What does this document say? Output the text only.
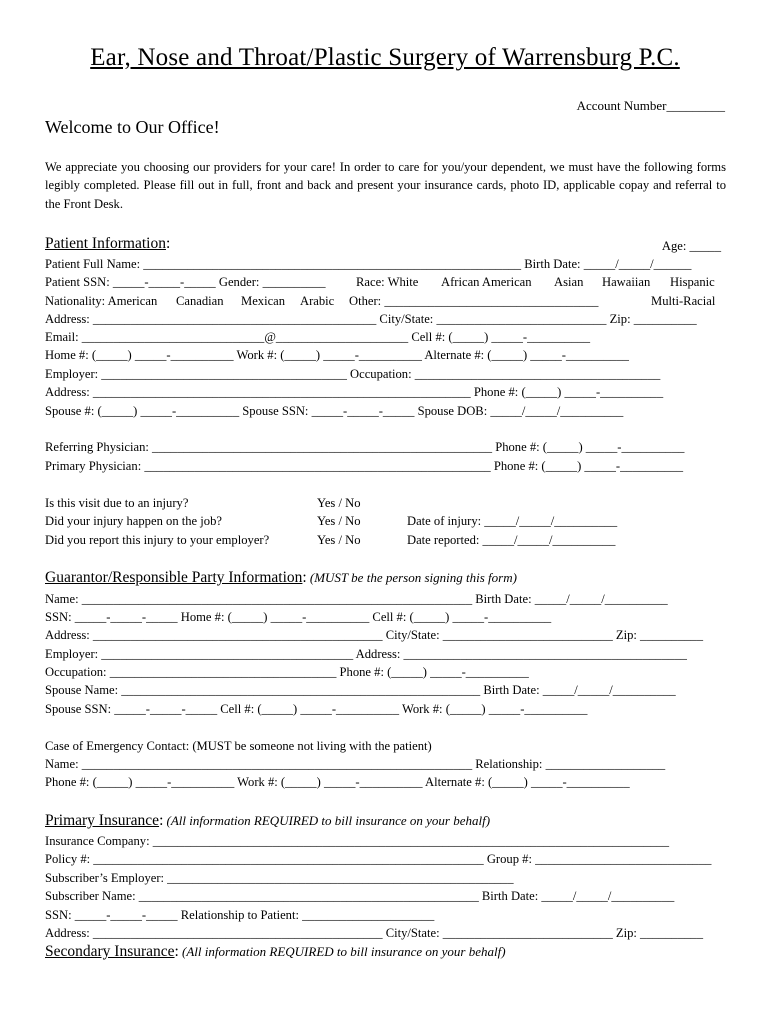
Ear, Nose and Throat/Plastic Surgery of Warrensburg P.C.
Account Number_________
Welcome to Our Office!
We appreciate you choosing our providers for your care! In order to care for you/your dependent, we must have the following forms legibly completed. Please fill out in full, front and back and present your insurance cards, photo ID, applicable copay and referral to the Front Desk.
Patient Information:	Age: _____
Patient Full Name: ____________________________________________________________ Birth Date: _____/_____/______
Patient SSN: _____-_____-_____ Gender: __________ Race: White African American Asian Hawaiian Hispanic
Nationality: American Canadian Mexican Arabic Other: __________________________________	Multi-Racial
Address: _____________________________________________ City/State: ___________________________ Zip: __________
Email: _____________________________@_____________________ Cell #: (_____) _____-__________
Home #: (_____) _____-__________ Work #: (_____) _____-__________ Alternate #: (_____) _____-__________
Employer: _______________________________________ Occupation: _______________________________________
Address: ____________________________________________________________ Phone #: (_____) _____-__________
Spouse #: (_____) _____-__________ Spouse SSN: _____-_____-_____ Spouse DOB: _____/_____/__________
Referring Physician: ______________________________________________________ Phone #: (_____) _____-__________
Primary Physician: _______________________________________________________ Phone #: (_____) _____-__________
Is this visit due to an injury?	Yes / No
Did your injury happen on the job?	Yes / No	Date of injury: _____/_____/__________
Did you report this injury to your employer?	Yes / No	Date reported: _____/_____/__________
Guarantor/Responsible Party Information: (MUST be the person signing this form)
Name: ______________________________________________________________ Birth Date: _____/_____/__________
SSN: _____-_____-_____ Home #: (_____) _____-__________ Cell #: (_____) _____-__________
Address: ______________________________________________ City/State: ___________________________ Zip: __________
Employer: ________________________________________ Address: _____________________________________________
Occupation: ____________________________________ Phone #: (_____) _____-__________
Spouse Name: _________________________________________________________ Birth Date: _____/_____/__________
Spouse SSN: _____-_____-_____ Cell #: (_____) _____-__________ Work #: (_____) _____-__________
Case of Emergency Contact: (MUST be someone not living with the patient)
Name: ______________________________________________________________ Relationship: ___________________
Phone #: (_____) _____-__________ Work #: (_____) _____-__________ Alternate #: (_____) _____-__________
Primary Insurance: (All information REQUIRED to bill insurance on your behalf)
Insurance Company: __________________________________________________________________________________
Policy #: ______________________________________________________________ Group #: ____________________________
Subscriber’s Employer: _______________________________________________________
Subscriber Name: ______________________________________________________ Birth Date: _____/_____/__________
SSN: _____-_____-_____ Relationship to Patient: _____________________
Address: ______________________________________________ City/State: ___________________________ Zip: __________
Secondary Insurance: (All information REQUIRED to bill insurance on your behalf)
